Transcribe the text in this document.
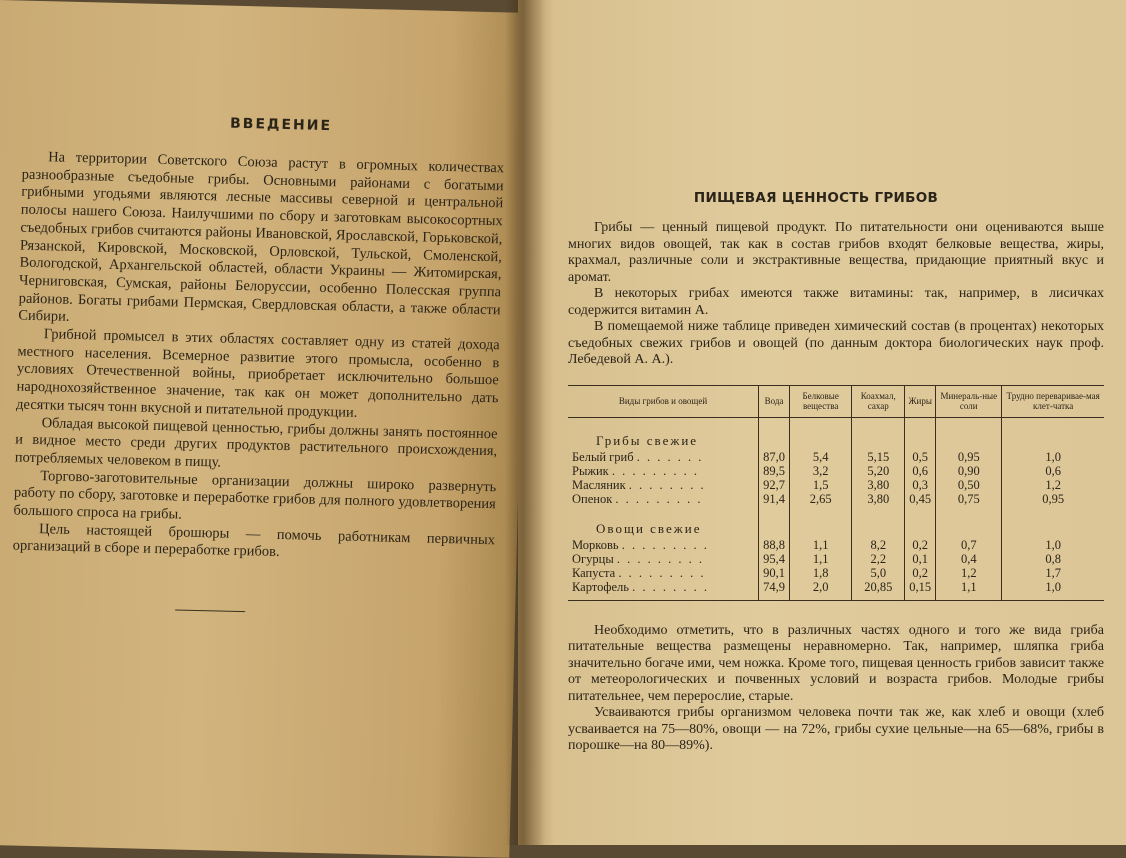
ВВЕДЕНИЕ

На территории Советского Союза растут в огромных количествах разнообразные съедобные грибы. Основными районами с богатыми грибными угодьями являются лесные массивы северной и центральной полосы нашего Союза. Наилучшими по сбору и заготовкам высокосортных съедобных грибов считаются районы Ивановской, Ярославской, Горьковской, Рязанской, Кировской, Московской, Орловской, Тульской, Смоленской, Вологодской, Архангельской областей, области Украины — Житомирская, Черниговская, Сумская, районы Белоруссии, особенно Полесская группа районов. Богаты грибами Пермская, Свердловская области, а также области Сибири.

Грибной промысел в этих областях составляет одну из статей дохода местного населения. Всемерное развитие этого промысла, особенно в условиях Отечественной войны, приобретает исключительно большое народнохозяйственное значение, так как он может дополнительно дать десятки тысяч тонн вкусной и питательной продукции.

Обладая высокой пищевой ценностью, грибы должны занять постоянное и видное место среди других продуктов растительного происхождения, потребляемых человеком в пищу.

Торгово-заготовительные организации должны широко развернуть работу по сбору, заготовке и переработке грибов для полного удовлетворения большого спроса на грибы.

Цель настоящей брошюры — помочь работникам первичных организаций в сборе и переработке грибов.

ПИЩЕВАЯ ЦЕННОСТЬ ГРИБОВ

Грибы — ценный пищевой продукт. По питательности они оцениваются выше многих видов овощей, так как в состав грибов входят белковые вещества, жиры, крахмал, различные соли и экстрактивные вещества, придающие приятный вкус и аромат.

В некоторых грибах имеются также витамины: так, например, в лисичках содержится витамин А.

В помещаемой ниже таблице приведен химический состав (в процентах) некоторых съедобных свежих грибов и овощей (по данным доктора биологических наук проф. Лебедевой А. А.).

Виды грибов и овощей	Вода	Белковые вещества	Коахмал, сахар	Жиры	Минераль-ные соли	Трудно переваривае-мая клет-чатка
Грибы свежие						
Белый гриб . . . . . . .	87,0	5,4	5,15	0,5	0,95	1,0
Рыжик . . . . . . . . .	89,5	3,2	5,20	0,6	0,90	0,6
Масляник . . . . . . . .	92,7	1,5	3,80	0,3	0,50	1,2
Опенок . . . . . . . . .	91,4	2,65	3,80	0,45	0,75	0,95
Овощи свежие						
Морковь . . . . . . . . .	88,8	1,1	8,2	0,2	0,7	1,0
Огурцы . . . . . . . . .	95,4	1,1	2,2	0,1	0,4	0,8
Капуста . . . . . . . . .	90,1	1,8	5,0	0,2	1,2	1,7
Картофель . . . . . . . .	74,9	2,0	20,85	0,15	1,1	1,0

Необходимо отметить, что в различных частях одного и того же вида гриба питательные вещества размещены неравномерно. Так, например, шляпка гриба значительно богаче ими, чем ножка. Кроме того, пищевая ценность грибов зависит также от метеорологических и почвенных условий и возраста грибов. Молодые грибы питательнее, чем перерослие, старые.

Усваиваются грибы организмом человека почти так же, как хлеб и овощи (хлеб усваивается на 75—80%, овощи — на 72%, грибы сухие цельные—на 65—68%, грибы в порошке—на 80—89%).
